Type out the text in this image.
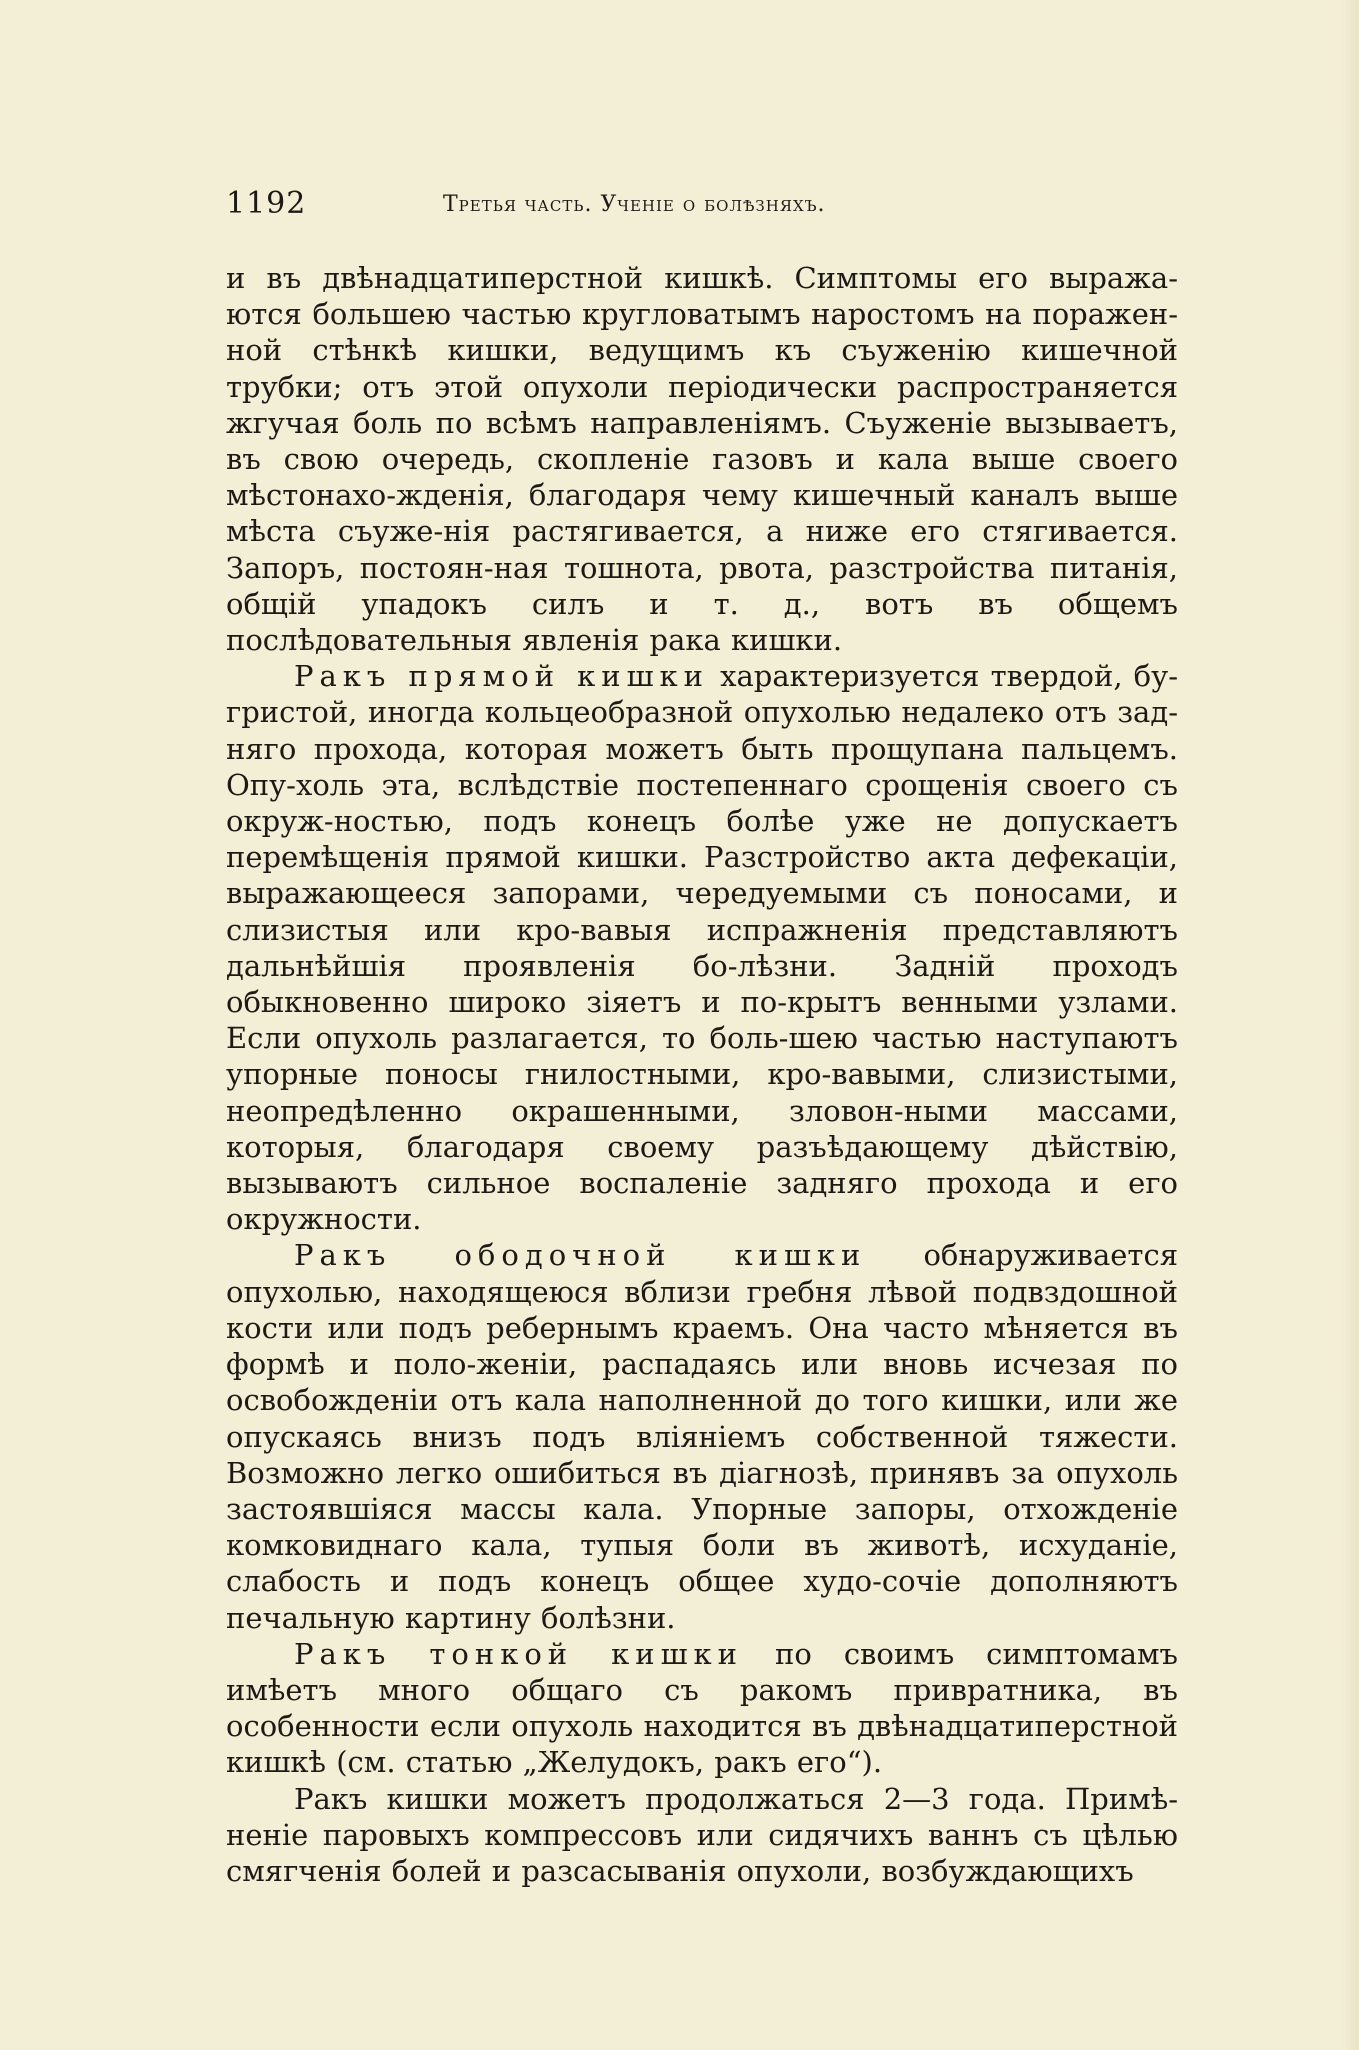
1192	Третья часть. Ученіе о болѣзняхъ.

и въ двѣнадцатиперстной кишкѣ. Симптомы его выража-ются большею частью кругловатымъ наростомъ на поражен-ной стѣнкѣ кишки, ведущимъ къ съуженію кишечной трубки; отъ этой опухоли періодически распространяется жгучая боль по всѣмъ направленіямъ. Съуженіе вызываетъ, въ свою очередь, скопленіе газовъ и кала выше своего мѣстонахо-жденія, благодаря чему кишечный каналъ выше мѣста съуже-нія растягивается, а ниже его стягивается. Запоръ, постоян-ная тошнота, рвота, разстройства питанія, общій упадокъ силъ и т. д., вотъ въ общемъ послѣдовательныя явленія рака кишки.

Ракъ прямой кишки характеризуется твердой, бу-гристой, иногда кольцеобразной опухолью недалеко отъ зад-няго прохода, которая можетъ быть прощупана пальцемъ. Опу-холь эта, вслѣдствіе постепеннаго срощенія своего съ окруж-ностью, подъ конецъ болѣе уже не допускаетъ перемѣщенія прямой кишки. Разстройство акта дефекаціи, выражающееся запорами, чередуемыми съ поносами, и слизистыя или кро-вавыя испражненія представляютъ дальнѣйшія проявленія бо-лѣзни. Задній проходъ обыкновенно широко зіяетъ и по-крытъ венными узлами. Если опухоль разлагается, то боль-шею частью наступаютъ упорные поносы гнилостными, кро-вавыми, слизистыми, неопредѣленно окрашенными, зловон-ными массами, которыя, благодаря своему разъѣдающему дѣйствію, вызываютъ сильное воспаленіе задняго прохода и его окружности.

Ракъ ободочной кишки обнаруживается опухолью, находящеюся вблизи гребня лѣвой подвздошной кости или подъ ребернымъ краемъ. Она часто мѣняется въ формѣ и поло-женіи, распадаясь или вновь исчезая по освобожденіи отъ кала наполненной до того кишки, или же опускаясь внизъ подъ вліяніемъ собственной тяжести. Возможно легко ошибиться въ діагнозѣ, принявъ за опухоль застоявшіяся массы кала. Упорные запоры, отхожденіе комковиднаго кала, тупыя боли въ животѣ, исхуданіе, слабость и подъ конецъ общее худо-сочіе дополняютъ печальную картину болѣзни.

Ракъ тонкой кишки по своимъ симптомамъ имѣетъ много общаго съ ракомъ привратника, въ особенности если опухоль находится въ двѣнадцатиперстной кишкѣ (см. статью „Желудокъ, ракъ его“).

Ракъ кишки можетъ продолжаться 2—3 года. Примѣ-неніе паровыхъ компрессовъ или сидячихъ ваннъ съ цѣлью смягченія болей и разсасыванія опухоли, возбуждающихъ
